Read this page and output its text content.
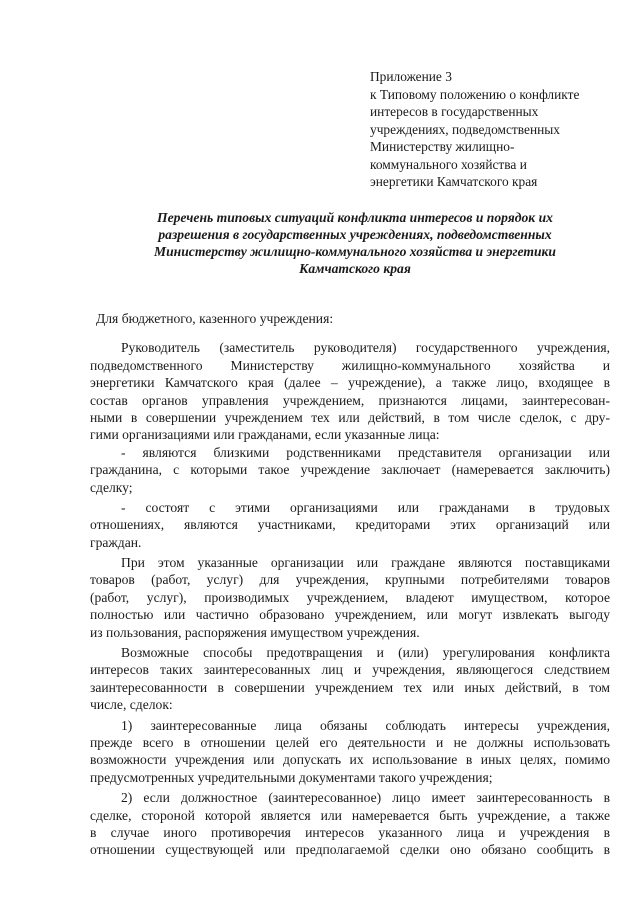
Приложение 3
к Типовому положению о конфликте
интересов в государственных
учреждениях, подведомственных
Министерству жилищно-
коммунального хозяйства и
энергетики Камчатского края
Перечень типовых ситуаций конфликта интересов и порядок их
разрешения в государственных учреждениях, подведомственных
Министерству жилищно-коммунального хозяйства и энергетики
Камчатского края
Для бюджетного, казенного учреждения:
Руководитель (заместитель руководителя) государственного учреждения,
подведомственного Министерству жилищно-коммунального хозяйства и
энергетики Камчатского края (далее – учреждение), а также лицо, входящее в
состав органов управления учреждением, признаются лицами, заинтересован-
ными в совершении учреждением тех или действий, в том числе сделок, с дру-
гими организациями или гражданами, если указанные лица:
- являются близкими родственниками представителя организации или
гражданина, с которыми такое учреждение заключает (намеревается заключить)
сделку;
- состоят с этими организациями или гражданами в трудовых
отношениях, являются участниками, кредиторами этих организаций или
граждан.
При этом указанные организации или граждане являются поставщиками
товаров (работ, услуг) для учреждения, крупными потребителями товаров
(работ, услуг), производимых учреждением, владеют имуществом, которое
полностью или частично образовано учреждением, или могут извлекать выгоду
из пользования, распоряжения имуществом учреждения.
Возможные способы предотвращения и (или) урегулирования конфликта
интересов таких заинтересованных лиц и учреждения, являющегося следствием
заинтересованности в совершении учреждением тех или иных действий, в том
числе, сделок:
1) заинтересованные лица обязаны соблюдать интересы учреждения,
прежде всего в отношении целей его деятельности и не должны использовать
возможности учреждения или допускать их использование в иных целях, помимо
предусмотренных учредительными документами такого учреждения;
2) если должностное (заинтересованное) лицо имеет заинтересованность в
сделке, стороной которой является или намеревается быть учреждение, а также
в случае иного противоречия интересов указанного лица и учреждения в
отношении существующей или предполагаемой сделки оно обязано сообщить в
